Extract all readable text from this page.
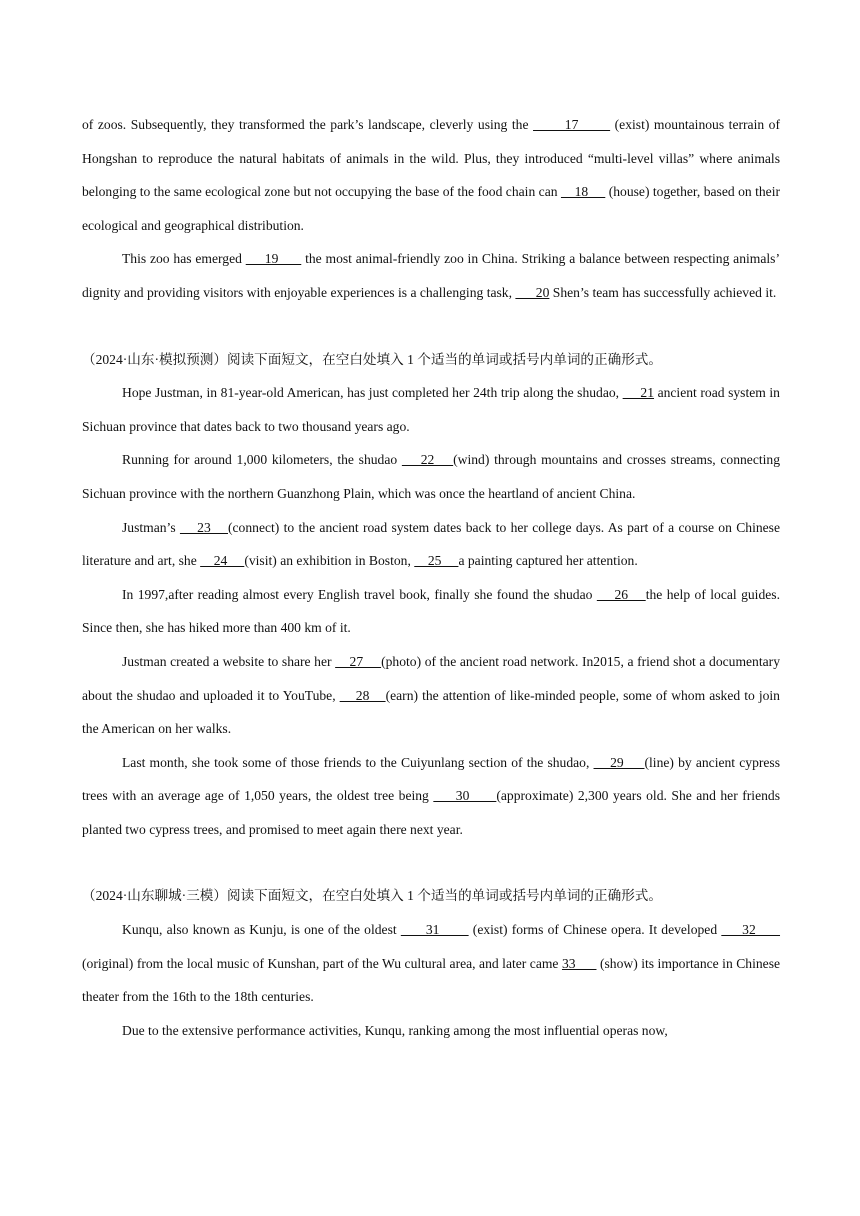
of zoos. Subsequently, they transformed the park’s landscape, cleverly using the        17        (exist) mountainous terrain of Hongshan to reproduce the natural habitats of animals in the wild. Plus, they introduced “multi-level villas” where animals belonging to the same ecological zone but not occupying the base of the food chain can     18      (house) together, based on their ecological and geographical distribution.

This zoo has emerged      19       the most animal-friendly zoo in China. Striking a balance between respecting animals’ dignity and providing visitors with enjoyable experiences is a challenging task,       20 Shen’s team has successfully achieved it.

（2024·山东·模拟预测）阅读下面短文，在空白处填入 1 个适当的单词或括号内单词的正确形式。

Hope Justman, in 81-year-old American, has just completed her 24th trip along the shudao,      21 ancient road system in Sichuan province that dates back to two thousand years ago.

Running for around 1,000 kilometers, the shudao     22    (wind) through mountains and crosses streams, connecting Sichuan province with the northern Guanzhong Plain, which was once the heartland of ancient China.

Justman’s     23    (connect) to the ancient road system dates back to her college days. As part of a course on Chinese literature and art, she     24     (visit) an exhibition in Boston,     25     a painting captured her attention.

In 1997,after reading almost every English travel book, finally she found the shudao     26    the help of local guides. Since then, she has hiked more than 400 km of it.

Justman created a website to share her     27     (photo) of the ancient road network. In2015, a friend shot a documentary about the shudao and uploaded it to YouTube,     28    (earn) the attention of like-minded people, some of whom asked to join the American on her walks.

Last month, she took some of those friends to the Cuiyunlang section of the shudao,     29     (line) by ancient cypress trees with an average age of 1,050 years, the oldest tree being      30      (approximate) 2,300 years old. She and her friends planted two cypress trees, and promised to meet again there next year.

（2024·山东聊城·三模）阅读下面短文，在空白处填入 1 个适当的单词或括号内单词的正确形式。

Kunqu, also known as Kunju, is one of the oldest       31        (exist) forms of Chinese opera. It developed      32       (original) from the local music of Kunshan, part of the Wu cultural area, and later came 33       (show) its importance in Chinese theater from the 16th to the 18th centuries.

Due to the extensive performance activities, Kunqu, ranking among the most influential operas now,
